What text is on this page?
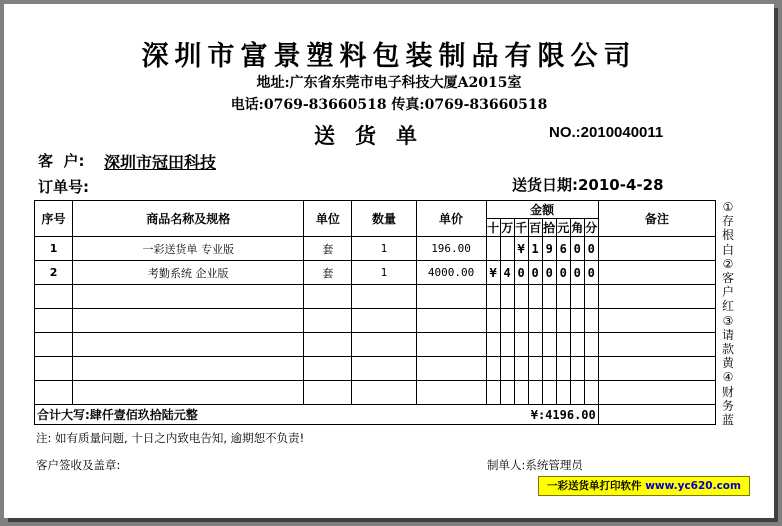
深圳市富景塑料包装制品有限公司
地址:广东省东莞市电子科技大厦A2015室
电话:0769-83660518 传真:0769-83660518
送货单	NO.:2010040011
客  户: 深圳市冠田科技
订单号:	送货日期:2010-4-28
序号	商品名称及规格	单位	数量	单价	金额								备注
					十	万	千	百	拾	元	角	分	
1	一彩送货单 专业版	套	1	196.00			¥	1	9	6	0	0	
2	考勤系统 企业版	套	1	4000.00	¥	4	0	0	0	0	0	0	

合计大写:肆仟壹佰玖拾陆元整					¥:4196.00								
①存根白②客户红③请款黄④财务蓝
注: 如有质量问题, 十日之内致电告知, 逾期恕不负责!
客户签收及盖章:	制单人:系统管理员
一彩送货单打印软件 www.yc620.com
